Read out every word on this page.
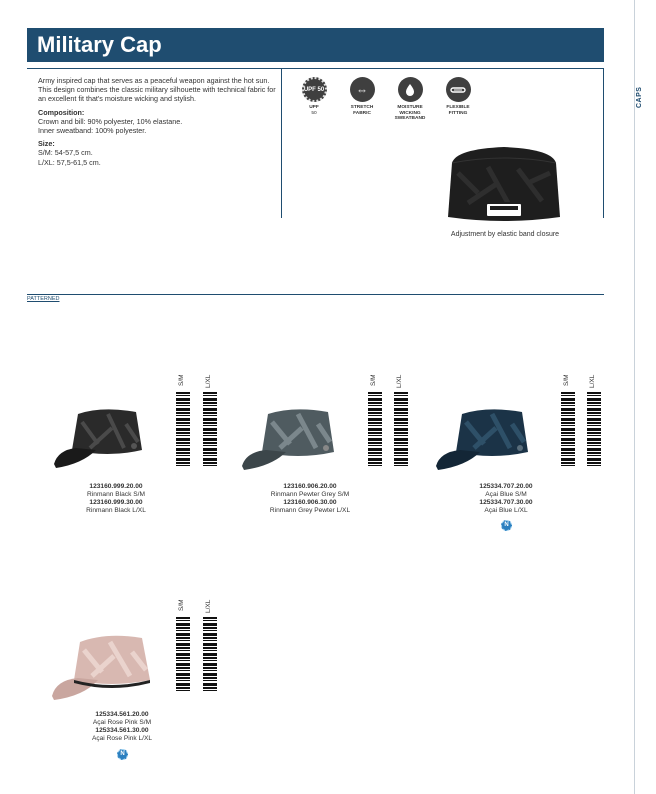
CAPS
Military Cap

Army inspired cap that serves as a peaceful weapon against the hot sun.

This design combines the classic military silhouette with technical fabric for an excellent fit that's moisture wicking and stylish.

Composition:

Crown and bill: 90% polyester, 10% elastane.

Inner sweatband: 100% polyester.

Size:

S/M: 54-57,5 cm.
L/XL: 57,5-61,5 cm.
UPF 50
UPF
50
⇔
STRETCH
FABRIC
MOISTURE WICKING
SWEATBAND
FLEXIBLE
FITTING
Adjustment by elastic band closure
PATTERNED
S/M	L/XL
123160.999.20.00
Rinmann Black S/M
123160.999.30.00
Rinmann Black L/XL
S/M	L/XL
123160.906.20.00
Rinmann Pewter Grey S/M
123160.906.30.00
Rinmann Grey Pewter L/XL
S/M	L/XL
125334.707.20.00
Açai Blue S/M
125334.707.30.00
Açai Blue L/XL
N
S/M	L/XL
125334.561.20.00
Açai Rose Pink S/M
125334.561.30.00
Açai Rose Pink L/XL
N
